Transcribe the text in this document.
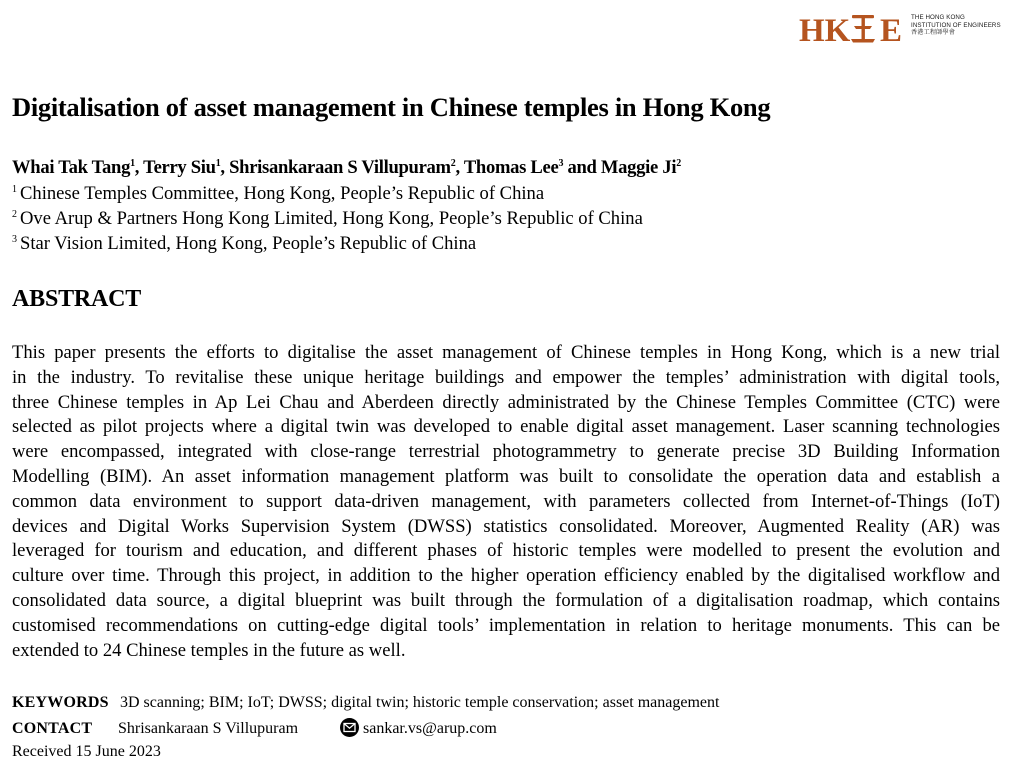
HK E THE HONG KONG
INSTITUTION OF ENGINEERS
香港工程師學會
Digitalisation of asset management in Chinese temples in Hong Kong
Whai Tak Tang$^1$, Terry Siu$^1$, Shrisankaraan S Villupuram$^2$, Thomas Lee$^3$ and Maggie Ji$^2$
$^1$ Chinese Temples Committee, Hong Kong, People’s Republic of China
$^2$ Ove Arup & Partners Hong Kong Limited, Hong Kong, People’s Republic of China
$^3$ Star Vision Limited, Hong Kong, People’s Republic of China
ABSTRACT
This paper presents the efforts to digitalise the asset management of Chinese temples in Hong Kong, which is a new trial
in the industry. To revitalise these unique heritage buildings and empower the temples’ administration with digital tools,
three Chinese temples in Ap Lei Chau and Aberdeen directly administrated by the Chinese Temples Committee (CTC) were
selected as pilot projects where a digital twin was developed to enable digital asset management. Laser scanning technologies
were encompassed, integrated with close-range terrestrial photogrammetry to generate precise 3D Building Information
Modelling (BIM). An asset information management platform was built to consolidate the operation data and establish a
common data environment to support data-driven management, with parameters collected from Internet-of-Things (IoT)
devices and Digital Works Supervision System (DWSS) statistics consolidated. Moreover, Augmented Reality (AR) was
leveraged for tourism and education, and different phases of historic temples were modelled to present the evolution and
culture over time. Through this project, in addition to the higher operation efficiency enabled by the digitalised workflow and
consolidated data source, a digital blueprint was built through the formulation of a digitalisation roadmap, which contains
customised recommendations on cutting-edge digital tools’ implementation in relation to heritage monuments. This can be
extended to 24 Chinese temples in the future as well.
KEYWORDS 3D scanning; BIM; IoT; DWSS; digital twin; historic temple conservation; asset management
CONTACT Shrisankaraan S Villupuram	sankar.vs@arup.com
Received 15 June 2023
